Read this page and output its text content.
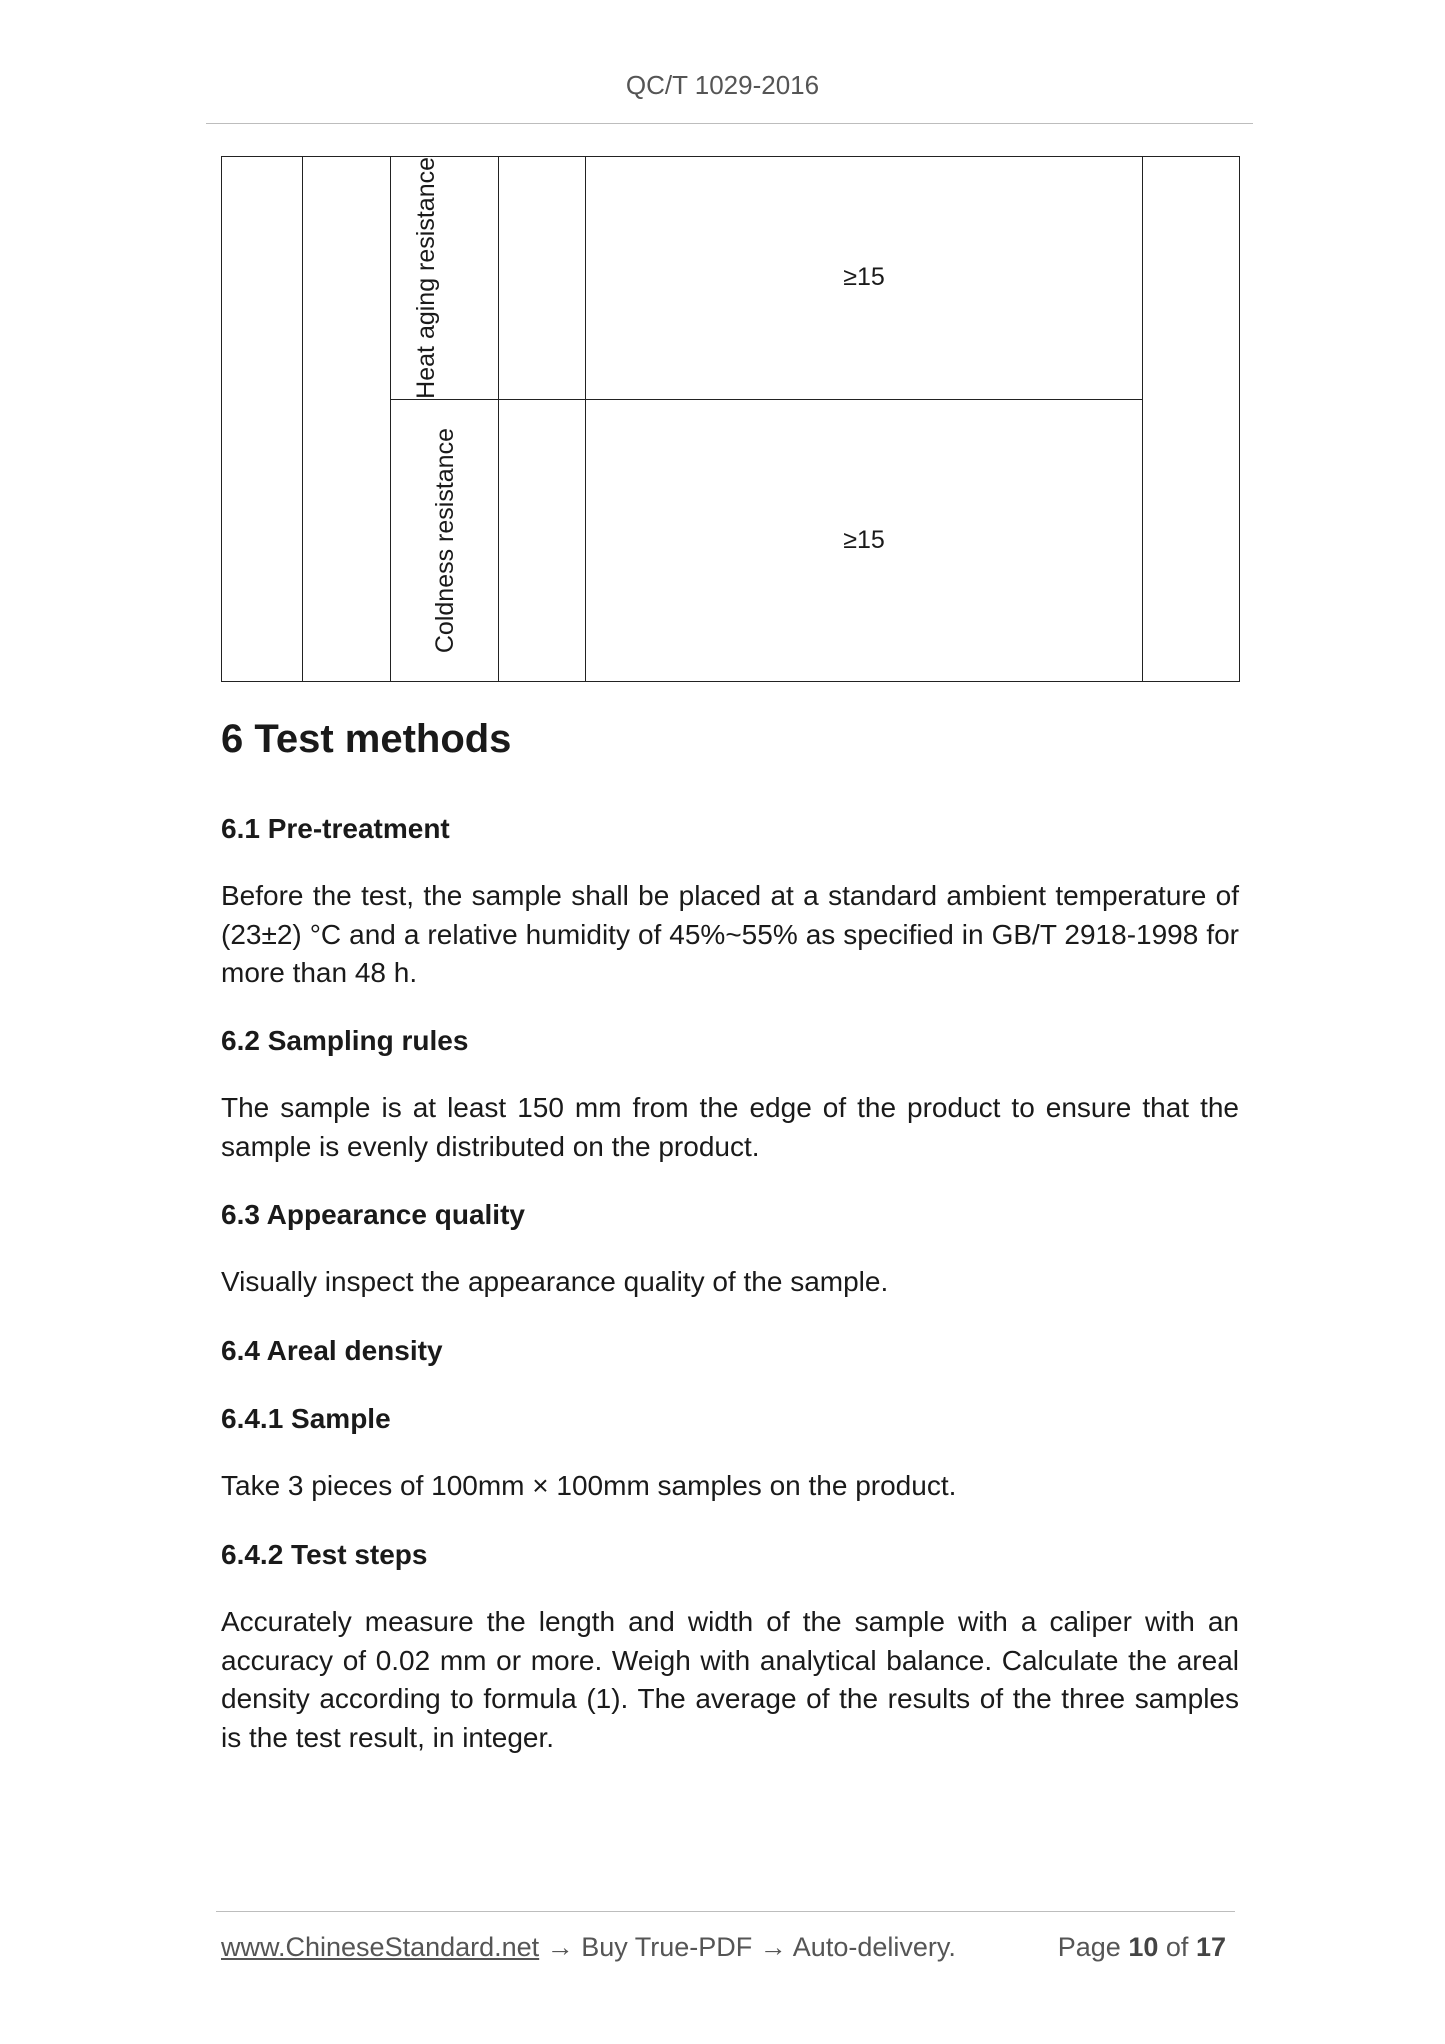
QC/T 1029-2016

		Heat aging resistance		≥15	

		Coldness resistance		≥15	
6 Test methods
6.1 Pre-treatment

Before the test, the sample shall be placed at a standard ambient temperature of (23±2) °C and a relative humidity of 45%~55% as specified in GB/T 2918-1998 for more than 48 h.

6.2 Sampling rules

The sample is at least 150 mm from the edge of the product to ensure that the sample is evenly distributed on the product.

6.3 Appearance quality

Visually inspect the appearance quality of the sample.

6.4 Areal density
6.4.1 Sample

Take 3 pieces of 100mm × 100mm samples on the product.

6.4.2 Test steps

Accurately measure the length and width of the sample with a caliper with an accuracy of 0.02 mm or more. Weigh with analytical balance. Calculate the areal density according to formula (1). The average of the results of the three samples is the test result, in integer.

www.ChineseStandard.net → Buy True-PDF → Auto-delivery.	Page 10 of 17
